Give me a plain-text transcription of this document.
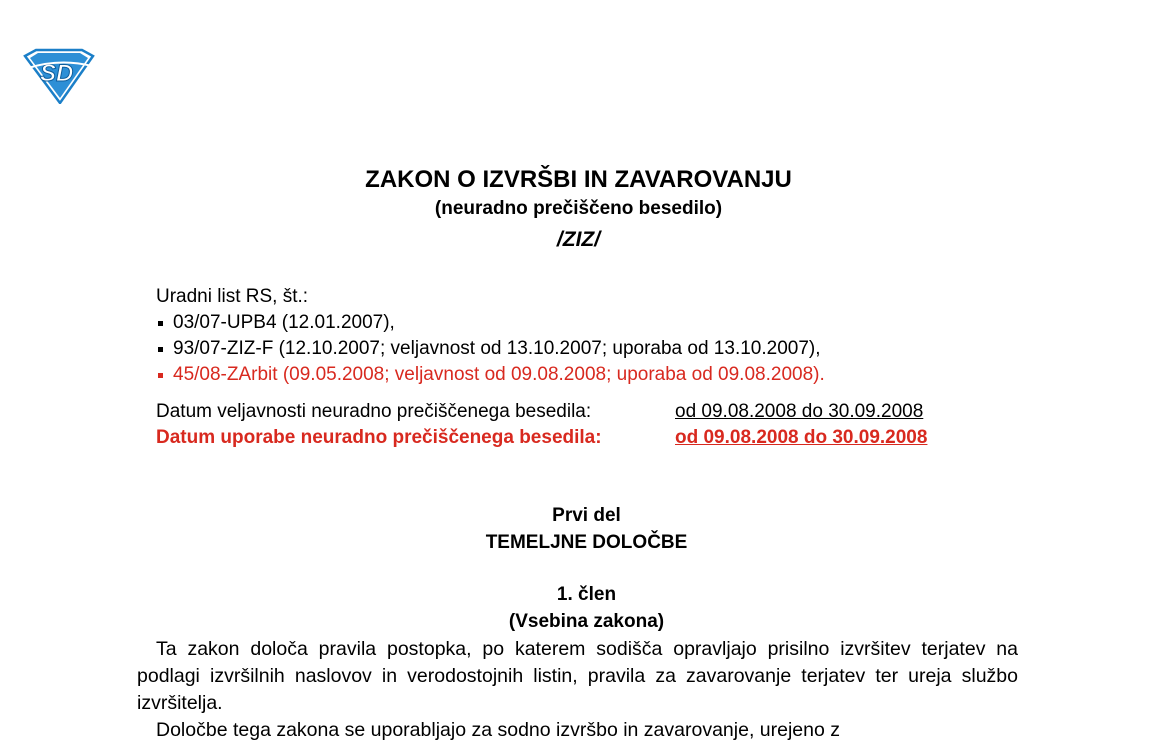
S D
ZAKON O IZVRŠBI IN ZAVAROVANJU
(neuradno prečiščeno besedilo)
/ZIZ/
Uradni list RS, št.:
03/07-UPB4 (12.01.2007),
93/07-ZIZ-F (12.10.2007; veljavnost od 13.10.2007; uporaba od 13.10.2007),
45/08-ZArbit (09.05.2008; veljavnost od 09.08.2008; uporaba od 09.08.2008).
Datum veljavnosti neuradno prečiščenega besedila:	od 09.08.2008 do 30.09.2008
Datum uporabe neuradno prečiščenega besedila:	od 09.08.2008 do 30.09.2008
Prvi del
TEMELJNE DOLOČBE
1. člen
(Vsebina zakona)

Ta zakon določa pravila postopka, po katerem sodišča opravljajo prisilno izvršitev terjatev na podlagi izvršilnih naslovov in verodostojnih listin, pravila za zavarovanje terjatev ter ureja službo izvršitelja.

Določbe tega zakona se uporabljajo za sodno izvršbo in zavarovanje, urejeno z
